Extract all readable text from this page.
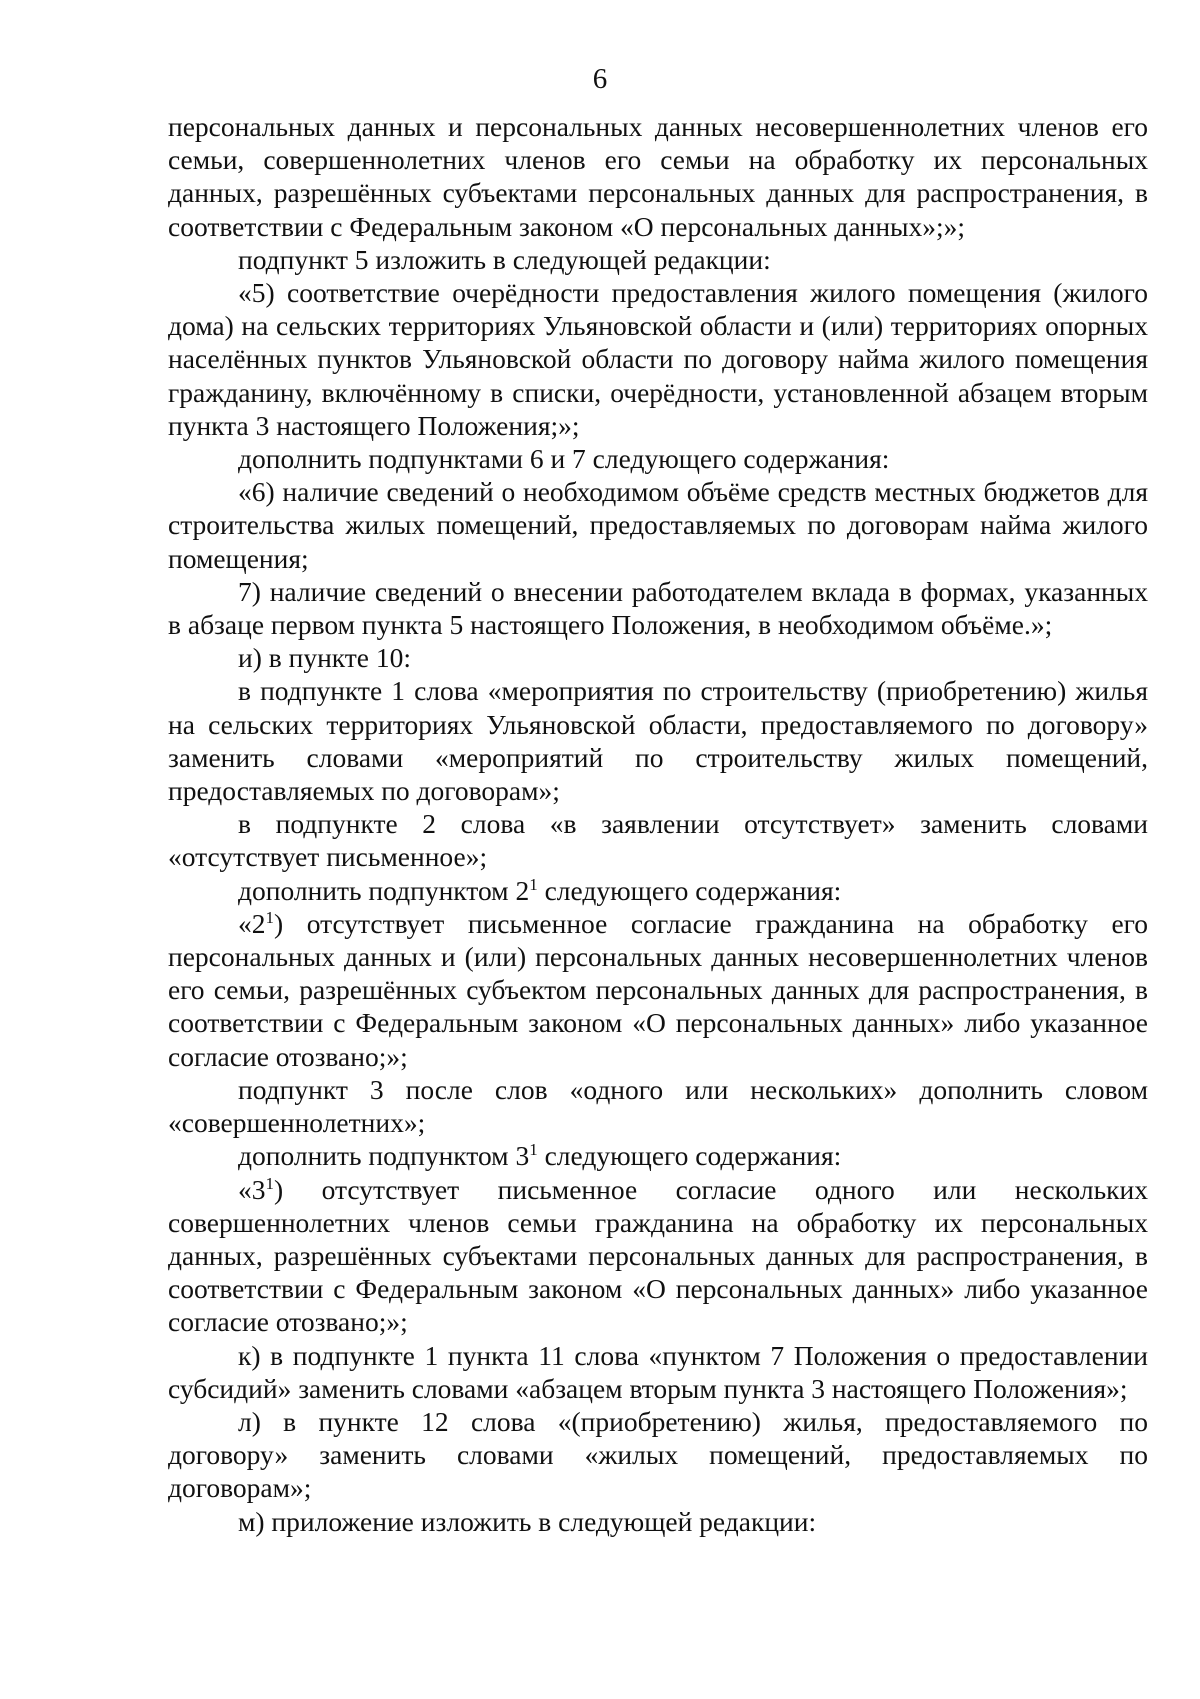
6

персональных данных и персональных данных несовершеннолетних членов его семьи, совершеннолетних членов его семьи на обработку их персональных данных, разрешённых субъектами персональных данных для распространения, в соответствии с Федеральным законом «О персональных данных»;»;

подпункт 5 изложить в следующей редакции:

«5) соответствие очерёдности предоставления жилого помещения (жилого дома) на сельских территориях Ульяновской области и (или) территориях опорных населённых пунктов Ульяновской области по договору найма жилого помещения гражданину, включённому в списки, очерёдности, установленной абзацем вторым пункта 3 настоящего Положения;»;

дополнить подпунктами 6 и 7 следующего содержания:

«6) наличие сведений о необходимом объёме средств местных бюджетов для строительства жилых помещений, предоставляемых по договорам найма жилого помещения;

7) наличие сведений о внесении работодателем вклада в формах, указанных в абзаце первом пункта 5 настоящего Положения, в необходимом объёме.»;

и) в пункте 10:

в подпункте 1 слова «мероприятия по строительству (приобретению) жилья на сельских территориях Ульяновской области, предоставляемого по договору» заменить словами «мероприятий по строительству жилых помещений, предоставляемых по договорам»;

в подпункте 2 слова «в заявлении отсутствует» заменить словами «отсутствует письменное»;

дополнить подпунктом $2^1$ следующего содержания:

«$2^1$) отсутствует письменное согласие гражданина на обработку его персональных данных и (или) персональных данных несовершеннолетних членов его семьи, разрешённых субъектом персональных данных для распространения, в соответствии с Федеральным законом «О персональных данных» либо указанное согласие отозвано;»;

подпункт 3 после слов «одного или нескольких» дополнить словом «совершеннолетних»;

дополнить подпунктом $3^1$ следующего содержания:

«$3^1$) отсутствует письменное согласие одного или нескольких совершеннолетних членов семьи гражданина на обработку их персональных данных, разрешённых субъектами персональных данных для распространения, в соответствии с Федеральным законом «О персональных данных» либо указанное согласие отозвано;»;

к) в подпункте 1 пункта 11 слова «пунктом 7 Положения о предоставлении субсидий» заменить словами «абзацем вторым пункта 3 настоящего Положения»;

л) в пункте 12 слова «(приобретению) жилья, предоставляемого по договору» заменить словами «жилых помещений, предоставляемых по договорам»;

м) приложение изложить в следующей редакции:
